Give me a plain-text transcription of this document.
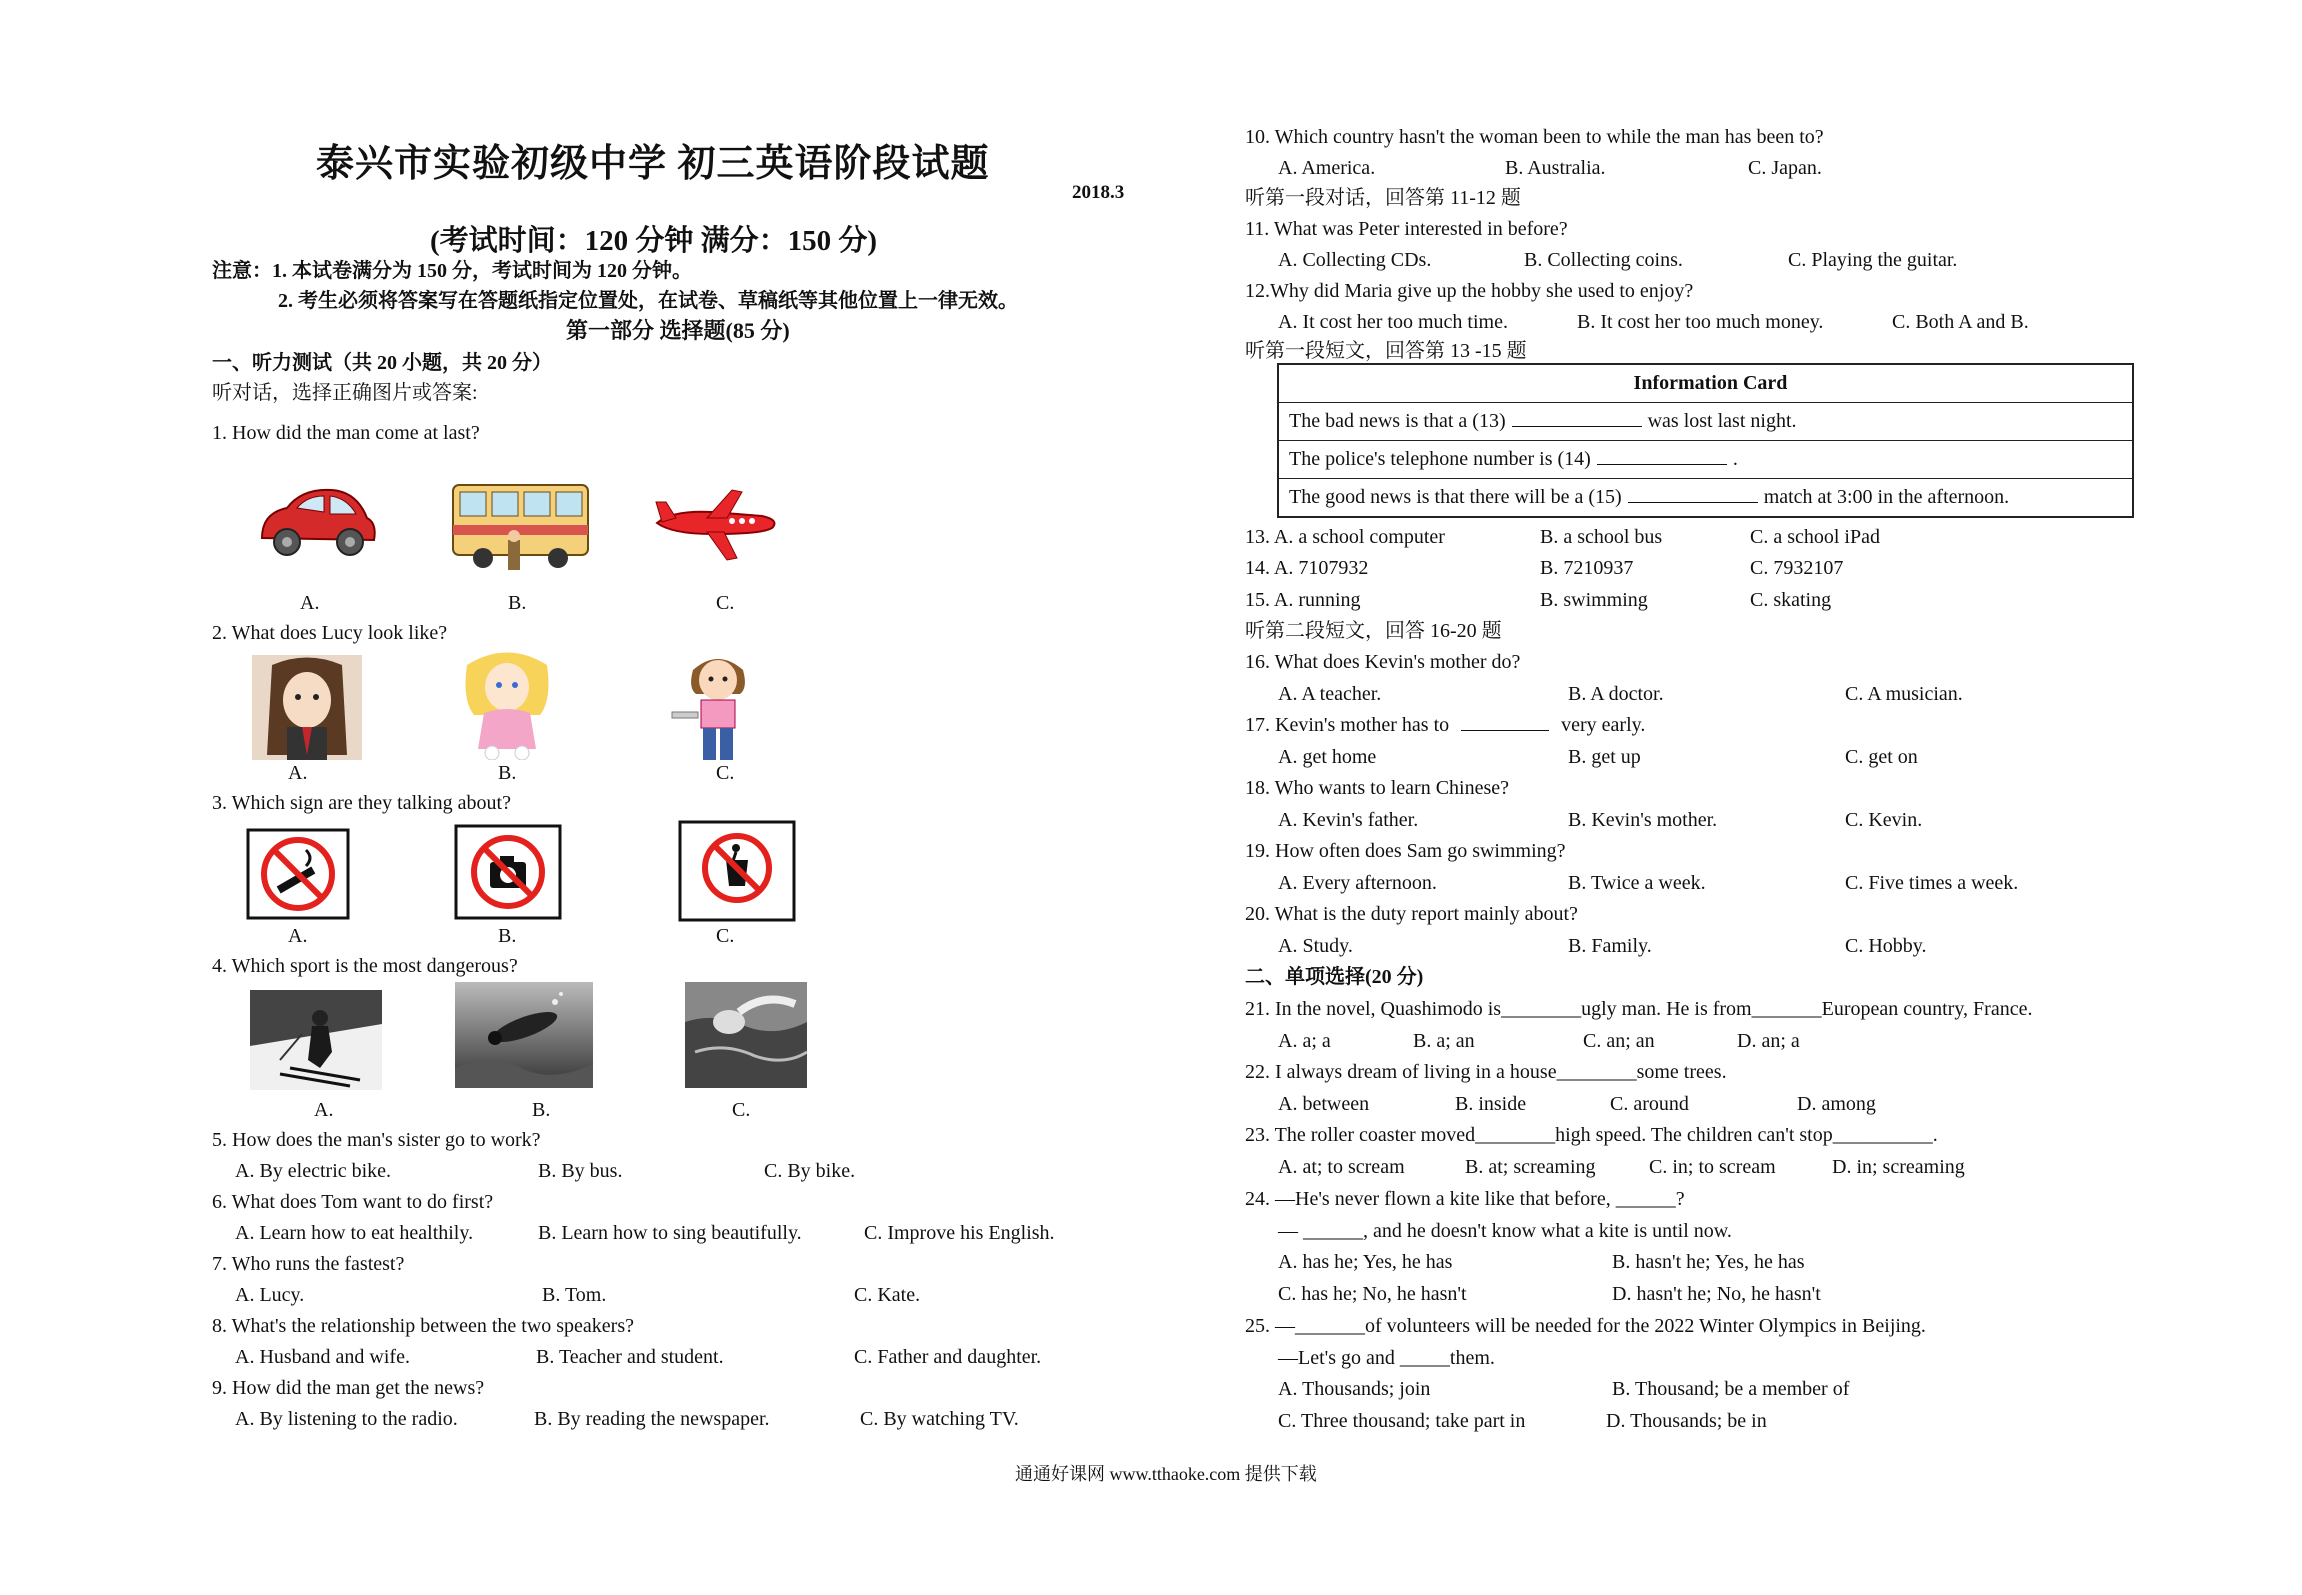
泰兴市实验初级中学 初三英语阶段试题
2018.3
(考试时间：120 分钟 满分：150 分)
注意：1. 本试卷满分为 150 分，考试时间为 120 分钟。
2. 考生必须将答案写在答题纸指定位置处，在试卷、草稿纸等其他位置上一律无效。
第一部分 选择题(85 分)
一、听力测试（共 20 小题，共 20 分）
听对话，选择正确图片或答案:
1. How did the man come at last?
A.	B.	C.
2. What does Lucy look like?
A.	B.	C.
3. Which sign are they talking about?
A.	B.	C.
4. Which sport is the most dangerous?
A.	B.	C.
5. How does the man's sister go to work?
A. By electric bike.	B. By bus.	C. By bike.
6. What does Tom want to do first?
A. Learn how to eat healthily.	B. Learn how to sing beautifully.	C. Improve his English.
7. Who runs the fastest?
A. Lucy.	B. Tom.	C. Kate.
8. What's the relationship between the two speakers?
A. Husband and wife.	B. Teacher and student.	C. Father and daughter.
9. How did the man get the news?
A. By listening to the radio.	B. By reading the newspaper.	C. By watching TV.
10. Which country hasn't the woman been to while the man has been to?
A. America.	B. Australia.	C. Japan.
听第一段对话，回答第 11-12 题
11. What was Peter interested in before?
A. Collecting CDs.	B. Collecting coins.	C. Playing the guitar.
12.Why did Maria give up the hobby she used to enjoy?
A. It cost her too much time.	B. It cost her too much money.	C. Both A and B.
听第一段短文，回答第 13 -15 题
Information Card
The bad news is that a (13)	was lost last night.
The police's telephone number is (14)	.
The good news is that there will be a (15)	match at 3:00 in the afternoon.
13. A. a school computer	B. a school bus	C. a school iPad
14. A. 7107932	B. 7210937	C. 7932107
15. A. running	B. swimming	C. skating
听第二段短文，回答 16-20 题
16. What does Kevin's mother do?
A. A teacher.	B. A doctor.	C. A musician.
17. Kevin's mother has to	very early.
A. get home	B. get up	C. get on
18. Who wants to learn Chinese?
A. Kevin's father.	B. Kevin's mother.	C. Kevin.
19. How often does Sam go swimming?
A. Every afternoon.	B. Twice a week.	C. Five times a week.
20. What is the duty report mainly about?
A. Study.	B. Family.	C. Hobby.
二、单项选择(20 分)
21. In the novel, Quashimodo is________ugly man. He is from_______European country, France.
A. a; a	B. a; an	C. an; an	D. an; a
22. I always dream of living in a house________some trees.
A. between	B. inside	C. around	D. among
23. The roller coaster moved________high speed. The children can't stop__________.
A. at; to scream	B. at; screaming	C. in; to scream	D. in; screaming
24. —He's never flown a kite like that before, ______?
— ______, and he doesn't know what a kite is until now.
A. has he; Yes, he has	B. hasn't he; Yes, he has
C. has he; No, he hasn't	D. hasn't he; No, he hasn't
25. —_______of volunteers will be needed for the 2022 Winter Olympics in Beijing.
—Let's go and _____them.
A. Thousands; join	B. Thousand; be a member of
C. Three thousand; take part in	D. Thousands; be in
通通好课网 www.tthaoke.com 提供下载
